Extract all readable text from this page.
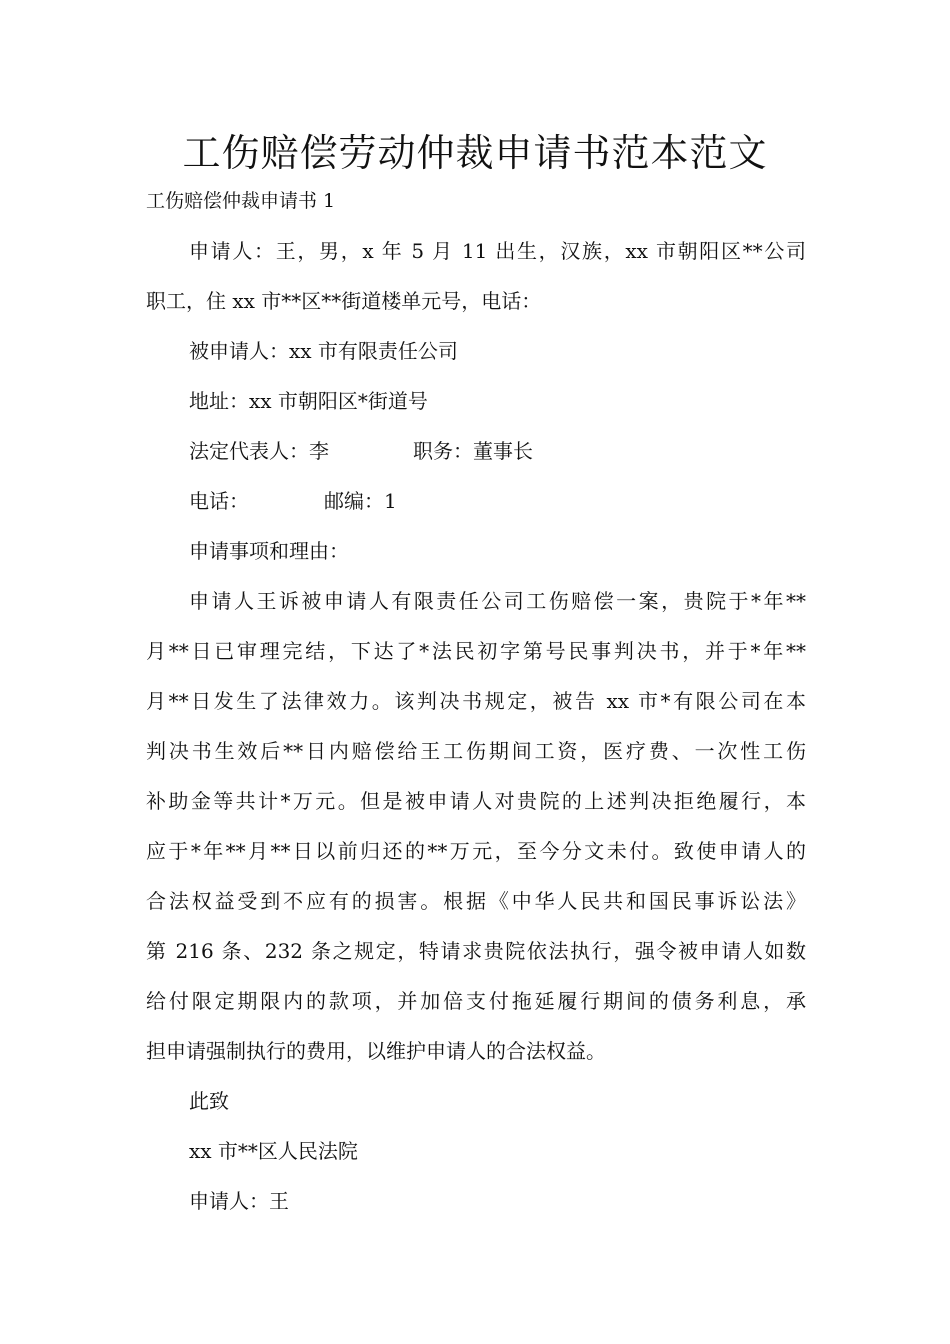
工伤赔偿劳动仲裁申请书范本范文

工伤赔偿仲裁申请书 1

申请人：王，男，x 年 5 月 11 出生，汉族，xx 市朝阳区**公司

职工，住 xx 市**区**街道楼单元号，电话：

被申请人：xx 市有限责任公司

地址：xx 市朝阳区*街道号

法定代表人：李	职务：董事长

电话：	邮编：1

申请事项和理由：

申请人王诉被申请人有限责任公司工伤赔偿一案，贵院于*年**

月**日已审理完结，下达了*法民初字第号民事判决书，并于*年**

月**日发生了法律效力。该判决书规定，被告 xx 市*有限公司在本

判决书生效后**日内赔偿给王工伤期间工资，医疗费、一次性工伤

补助金等共计*万元。但是被申请人对贵院的上述判决拒绝履行，本

应于*年**月**日以前归还的**万元，至今分文未付。致使申请人的

合法权益受到不应有的损害。根据《中华人民共和国民事诉讼法》

第 216 条、232 条之规定，特请求贵院依法执行，强令被申请人如数

给付限定期限内的款项，并加倍支付拖延履行期间的债务利息，承

担申请强制执行的费用，以维护申请人的合法权益。

此致

xx 市**区人民法院

申请人：王
